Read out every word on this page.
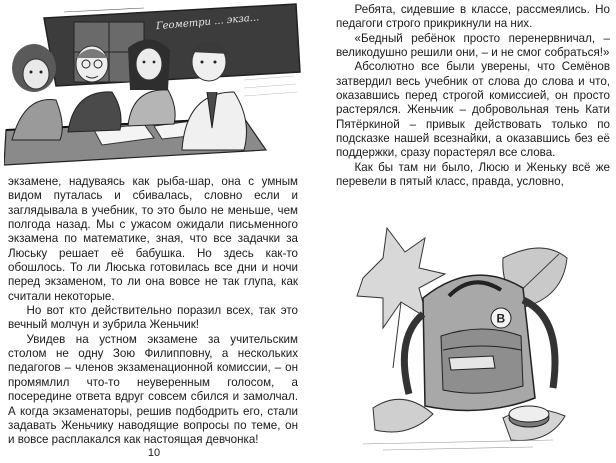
Геометри ... экза...

экзамене, надуваясь как рыба-шар, она с умным видом путалась и сбивалась, словно если и заглядывала в учебник, то это было не меньше, чем полгода назад. Мы с ужасом ожидали письменного экзамена по математике, зная, что все задачки за Люську решает её бабушка. Но здесь как-то обошлось. То ли Люська готовилась все дни и ночи перед экзаменом, то ли она вовсе не так глупа, как считали некоторые.

Но вот кто действительно поразил всех, так это вечный молчун и зубрила Женьчик!

Увидев на устном экзамене за учительским столом не одну Зою Филипповну, а нескольких педагогов – членов экзаменационной комиссии, – он промямлил что-то неуверенным голосом, а посередине ответа вдруг совсем сбился и замолчал. А когда экзаменаторы, решив подбодрить его, стали задавать Женьчику наводящие вопросы по теме, он и вовсе расплакался как настоящая девчонка!

10

Ребята, сидевшие в классе, рассмеялись. Но педагоги строго прикрикнули на них.

«Бедный ребёнок просто перенервничал, – великодушно решили они, – и не смог собраться!»

Абсолютно все были уверены, что Семёнов затвердил весь учебник от слова до слова и что, оказавшись перед строгой комиссией, он просто растерялся. Женьчик – добровольная тень Кати Пятёркиной – привык действовать только по подсказке нашей всезнайки, а оказавшись без её поддержки, сразу порастерял все слова.

Как бы там ни было, Люсю и Женьку всё же перевели в пятый класс, правда, условно,

В
